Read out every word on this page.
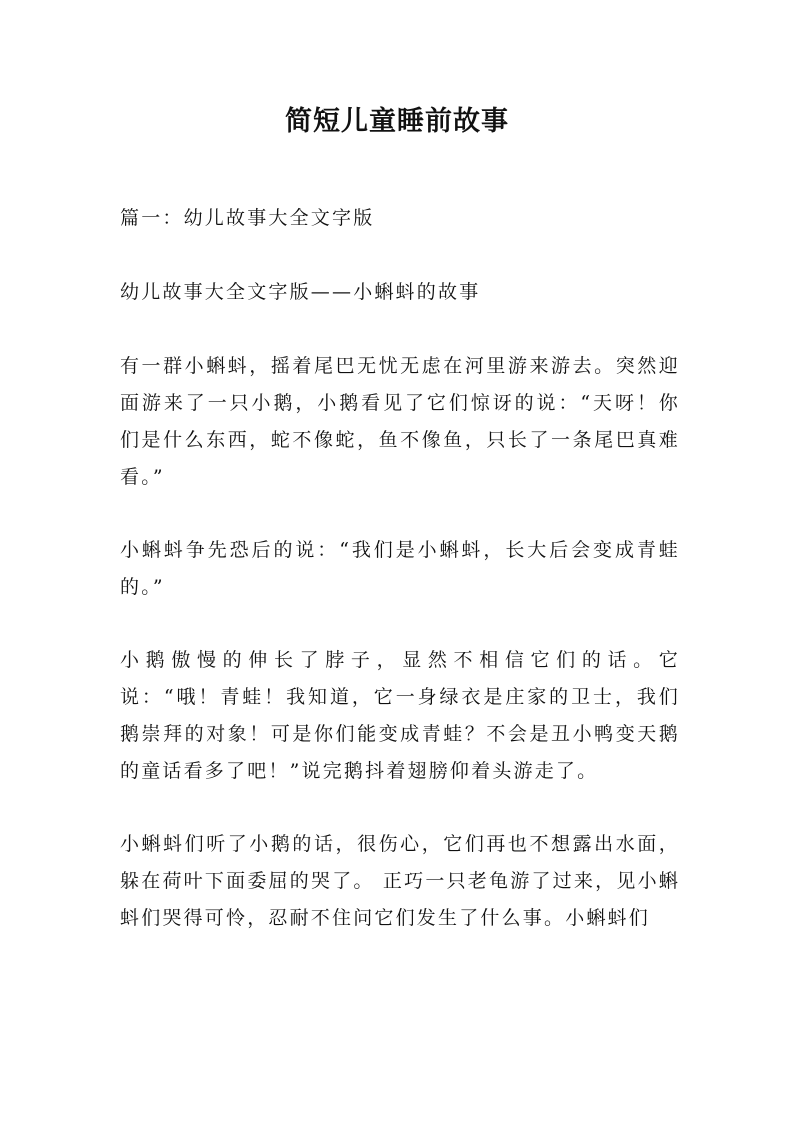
简短儿童睡前故事

篇一：幼儿故事大全文字版

幼儿故事大全文字版——小蝌蚪的故事

有一群小蝌蚪，摇着尾巴无忧无虑在河里游来游去。突然迎面游来了一只小鹅，小鹅看见了它们惊讶的说：“天呀！你们是什么东西，蛇不像蛇，鱼不像鱼，只长了一条尾巴真难看。”

小蝌蚪争先恐后的说：“我们是小蝌蚪，长大后会变成青蛙的。”

小鹅傲慢的伸长了脖子，显然不相信它们的话。它说：“哦！青蛙！我知道，它一身绿衣是庄家的卫士，我们鹅崇拜的对象！可是你们能变成青蛙？不会是丑小鸭变天鹅的童话看多了吧！”说完鹅抖着翅膀仰着头游走了。

小蝌蚪们听了小鹅的话，很伤心，它们再也不想露出水面，躲在荷叶下面委屈的哭了。 正巧一只老龟游了过来，见小蝌蚪们哭得可怜，忍耐不住问它们发生了什么事。小蝌蚪们
